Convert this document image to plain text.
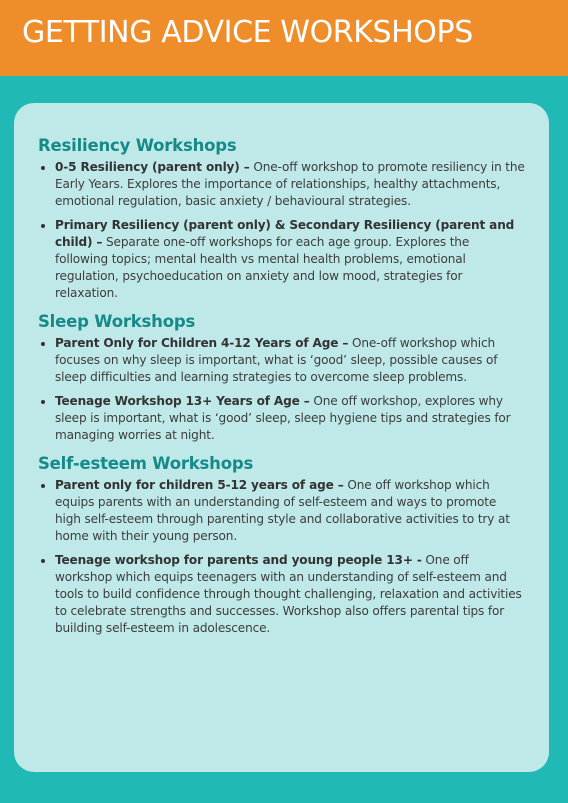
GETTING ADVICE WORKSHOPS
Resiliency Workshops
0-5 Resiliency (parent only) – One-off workshop to promote resiliency in the Early Years. Explores the importance of relationships, healthy attachments, emotional regulation, basic anxiety / behavioural strategies.
Primary Resiliency (parent only) & Secondary Resiliency (parent and child) – Separate one-off workshops for each age group. Explores the following topics; mental health vs mental health problems, emotional regulation, psychoeducation on anxiety and low mood, strategies for relaxation.
Sleep Workshops
Parent Only for Children 4-12 Years of Age – One-off workshop which focuses on why sleep is important, what is ‘good’ sleep, possible causes of sleep difficulties and learning strategies to overcome sleep problems.
Teenage Workshop 13+ Years of Age – One off workshop, explores why sleep is important, what is ‘good’ sleep, sleep hygiene tips and strategies for managing worries at night.
Self-esteem Workshops
Parent only for children 5-12 years of age – One off workshop which equips parents with an understanding of self-esteem and ways to promote high self-esteem through parenting style and collaborative activities to try at home with their young person.
Teenage workshop for parents and young people 13+ - One off workshop which equips teenagers with an understanding of self-esteem and tools to build confidence through thought challenging, relaxation and activities to celebrate strengths and successes. Workshop also offers parental tips for building self-esteem in adolescence.
